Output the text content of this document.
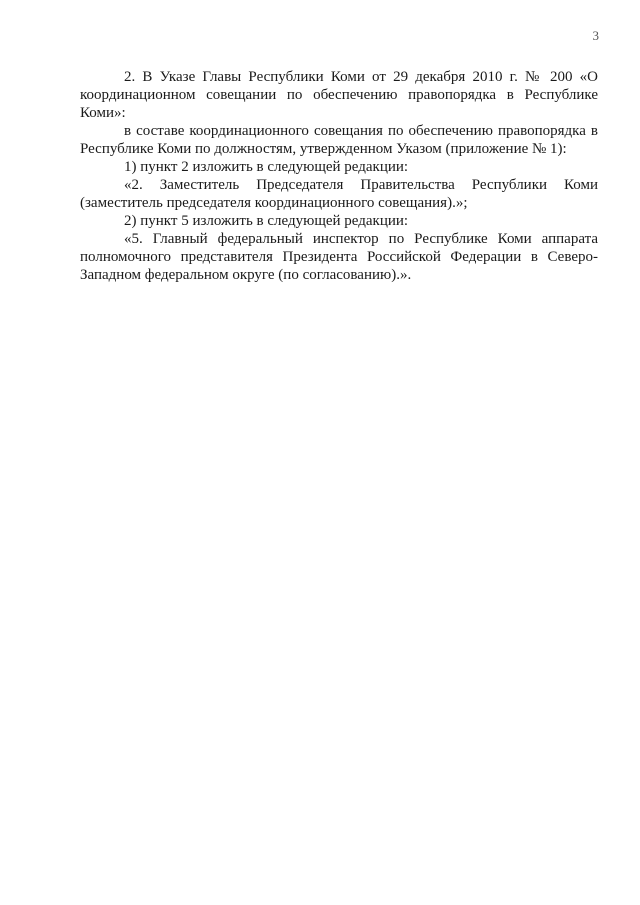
3

2. В Указе Главы Республики Коми от 29 декабря 2010 г. № 200 «О координационном совещании по обеспечению правопорядка в Республике Коми»:

в составе координационного совещания по обеспечению правопорядка в Республике Коми по должностям, утвержденном Указом (приложение № 1):

1) пункт 2 изложить в следующей редакции:

«2. Заместитель Председателя Правительства Республики Коми (заместитель председателя координационного совещания).»;

2) пункт 5 изложить в следующей редакции:

«5. Главный федеральный инспектор по Республике Коми аппарата полномочного представителя Президента Российской Федерации в Северо-Западном федеральном округе (по согласованию).».
